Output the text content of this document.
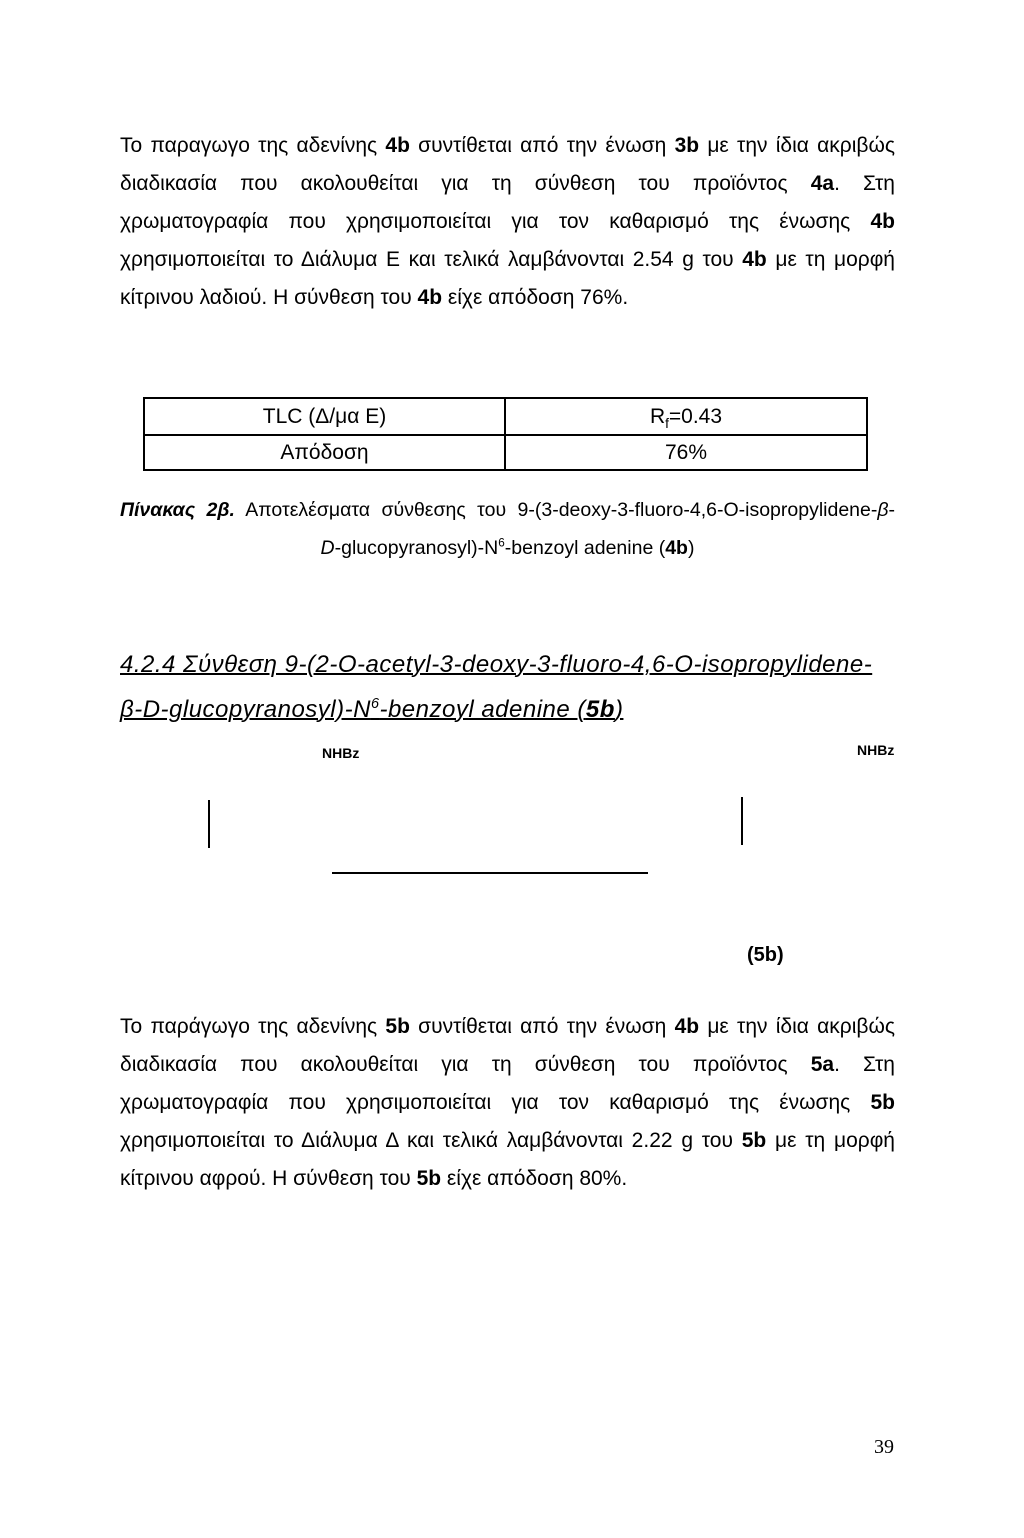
Το παραγωγο της αδενίνης 4b συντίθεται από την ένωση 3b με την ίδια ακριβώς
διαδικασία που ακολουθείται για τη σύνθεση του προϊόντος 4a. Στη
χρωματογραφία που χρησιμοποιείται για τον καθαρισμό της ένωσης 4b
χρησιμοποιείται το Διάλυμα Ε και τελικά λαμβάνονται 2.54 g του 4b με τη μορφή
κίτρινου λαδιού. Η σύνθεση του 4b είχε απόδοση 76%.
TLC (Δ/μα Ε)	$R_f=0.43$
Απόδοση	76%
Πίνακας 2β. Αποτελέσματα σύνθεσης του 9-(3-deoxy-3-fluoro-4,6-O-isopropylidene-β-
$D-glucopyranosyl)-N^6$-benzoyl adenine (4b)
4.2.4 Σύνθεση 9-(2-O-acetyl-3-deoxy-3-fluoro-4,6-O-isopropylidene-
$\beta-D-glucopyranosyl)-N^6$-benzoyl adenine (5b)
NHBz	NHBz
(5b)
Το παράγωγο της αδενίνης 5b συντίθεται από την ένωση 4b με την ίδια ακριβώς
διαδικασία που ακολουθείται για τη σύνθεση του προϊόντος 5a. Στη
χρωματογραφία που χρησιμοποιείται για τον καθαρισμό της ένωσης 5b
χρησιμοποιείται το Διάλυμα Δ και τελικά λαμβάνονται 2.22 g του 5b με τη μορφή
κίτρινου αφρού. Η σύνθεση του 5b είχε απόδοση 80%.
39
